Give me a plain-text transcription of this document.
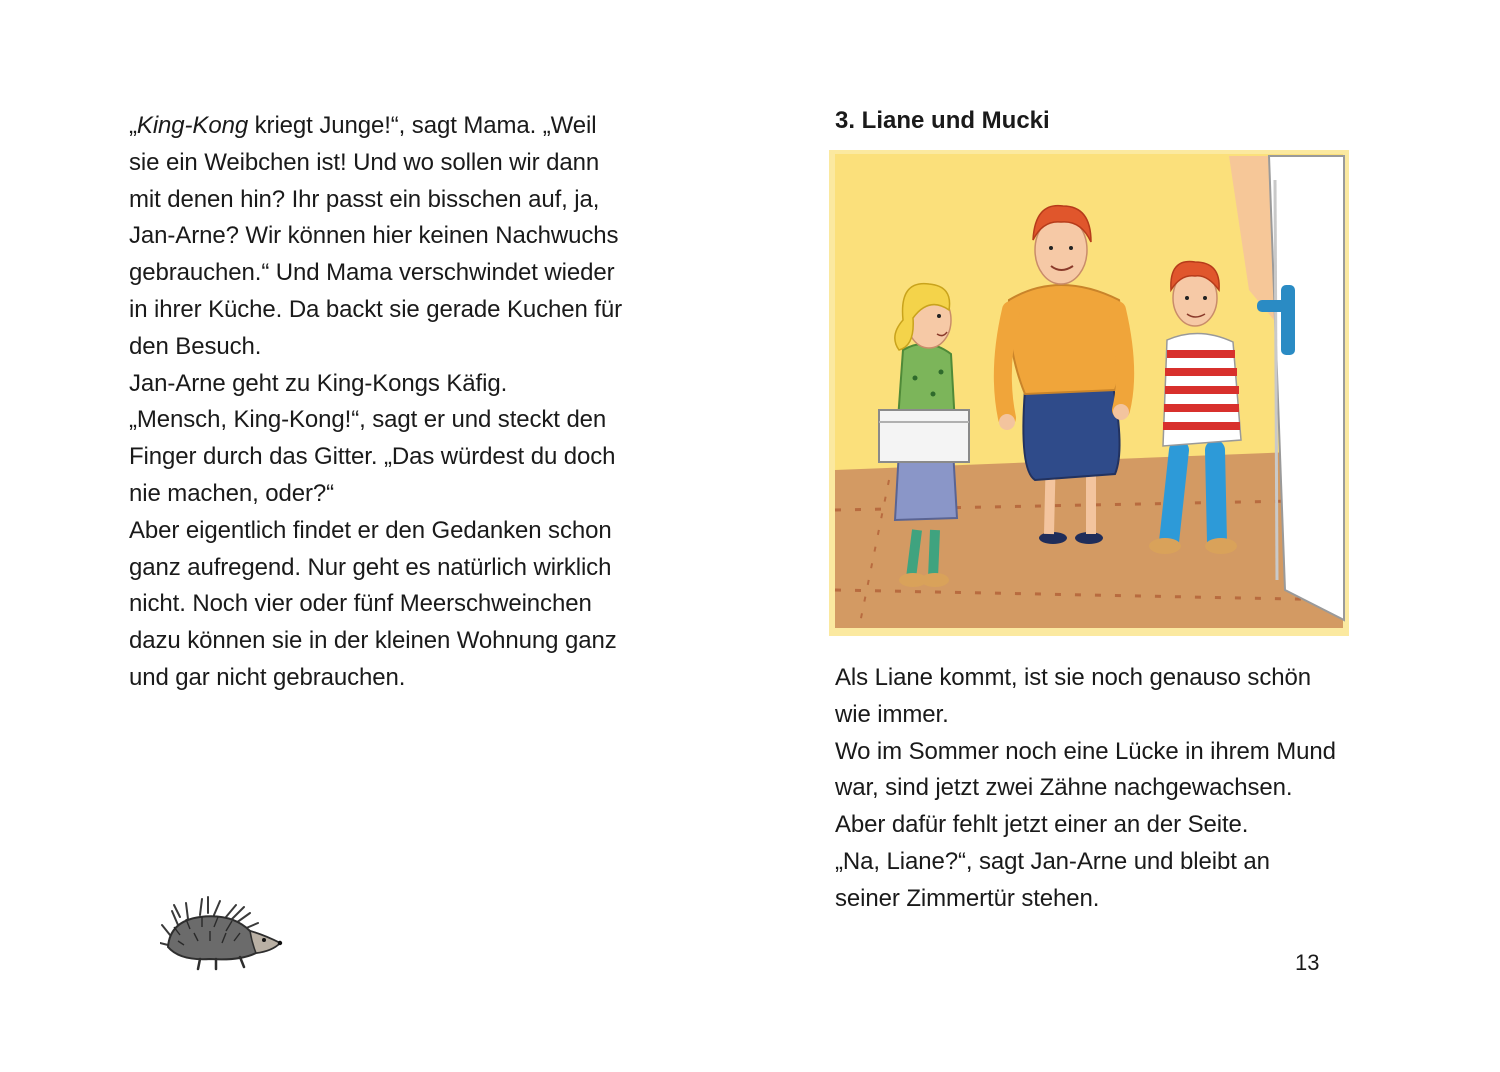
„King-Kong kriegt Junge!“, sagt Mama. „Weil
sie ein Weibchen ist! Und wo sollen wir dann
mit denen hin? Ihr passt ein bisschen auf, ja,
Jan-Arne? Wir können hier keinen Nachwuchs
gebrauchen.“ Und Mama verschwindet wieder
in ihrer Küche. Da backt sie gerade Kuchen für
den Besuch.
Jan-Arne geht zu King-Kongs Käfig.
„Mensch, King-Kong!“, sagt er und steckt den
Finger durch das Gitter. „Das würdest du doch
nie machen, oder?“
Aber eigentlich findet er den Gedanken schon
ganz aufregend. Nur geht es natürlich wirklich
nicht. Noch vier oder fünf Meerschweinchen
dazu können sie in der kleinen Wohnung ganz
und gar nicht gebrauchen.
3. Liane und Mucki
Als Liane kommt, ist sie noch genauso schön
wie immer.
Wo im Sommer noch eine Lücke in ihrem Mund
war, sind jetzt zwei Zähne nachgewachsen.
Aber dafür fehlt jetzt einer an der Seite.
„Na, Liane?“, sagt Jan-Arne und bleibt an
seiner Zimmertür stehen.
13
